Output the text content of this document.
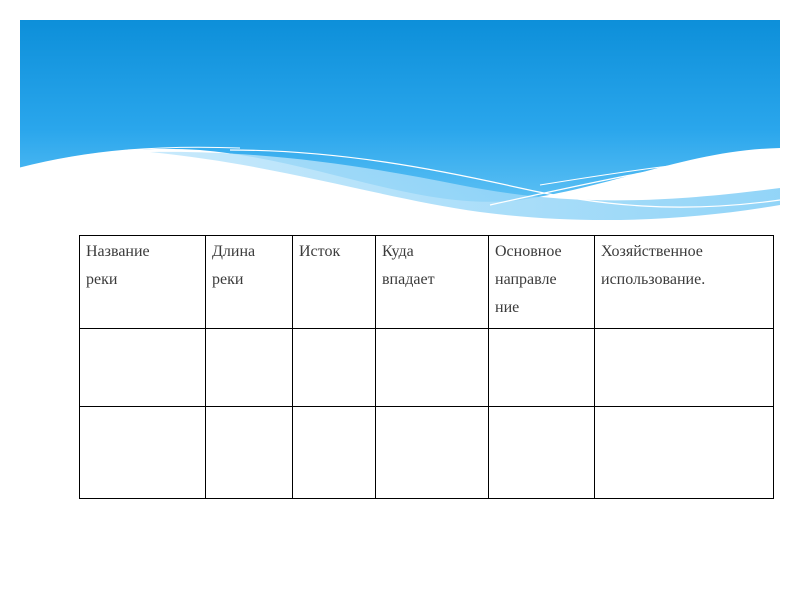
Название
реки	Длина
реки	Исток	Куда
впадает	Основное
направле
ние	Хозяйственное
использование.
